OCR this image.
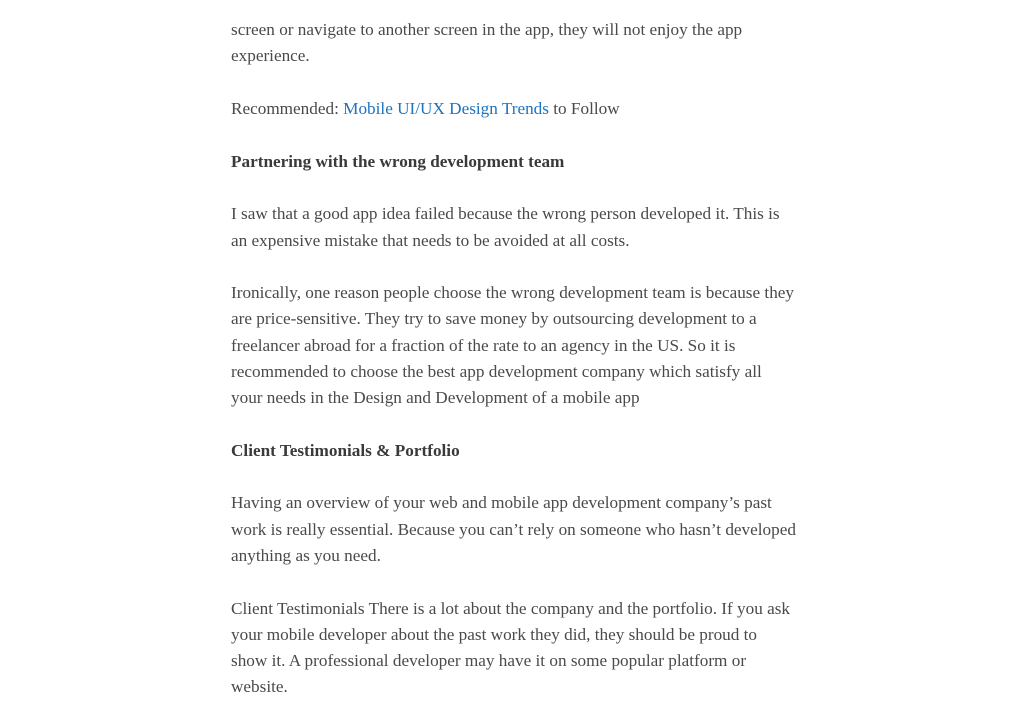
screen or navigate to another screen in the app, they will not enjoy the app experience.

Recommended: Mobile UI/UX Design Trends to Follow

Partnering with the wrong development team

I saw that a good app idea failed because the wrong person developed it. This is an expensive mistake that needs to be avoided at all costs.

Ironically, one reason people choose the wrong development team is because they are price-sensitive. They try to save money by outsourcing development to a freelancer abroad for a fraction of the rate to an agency in the US. So it is recommended to choose the best app development company which satisfy all your needs in the Design and Development of a mobile app

Client Testimonials & Portfolio

Having an overview of your web and mobile app development company’s past work is really essential. Because you can’t rely on someone who hasn’t developed anything as you need.

Client Testimonials There is a lot about the company and the portfolio. If you ask your mobile developer about the past work they did, they should be proud to show it. A professional developer may have it on some popular platform or website.
